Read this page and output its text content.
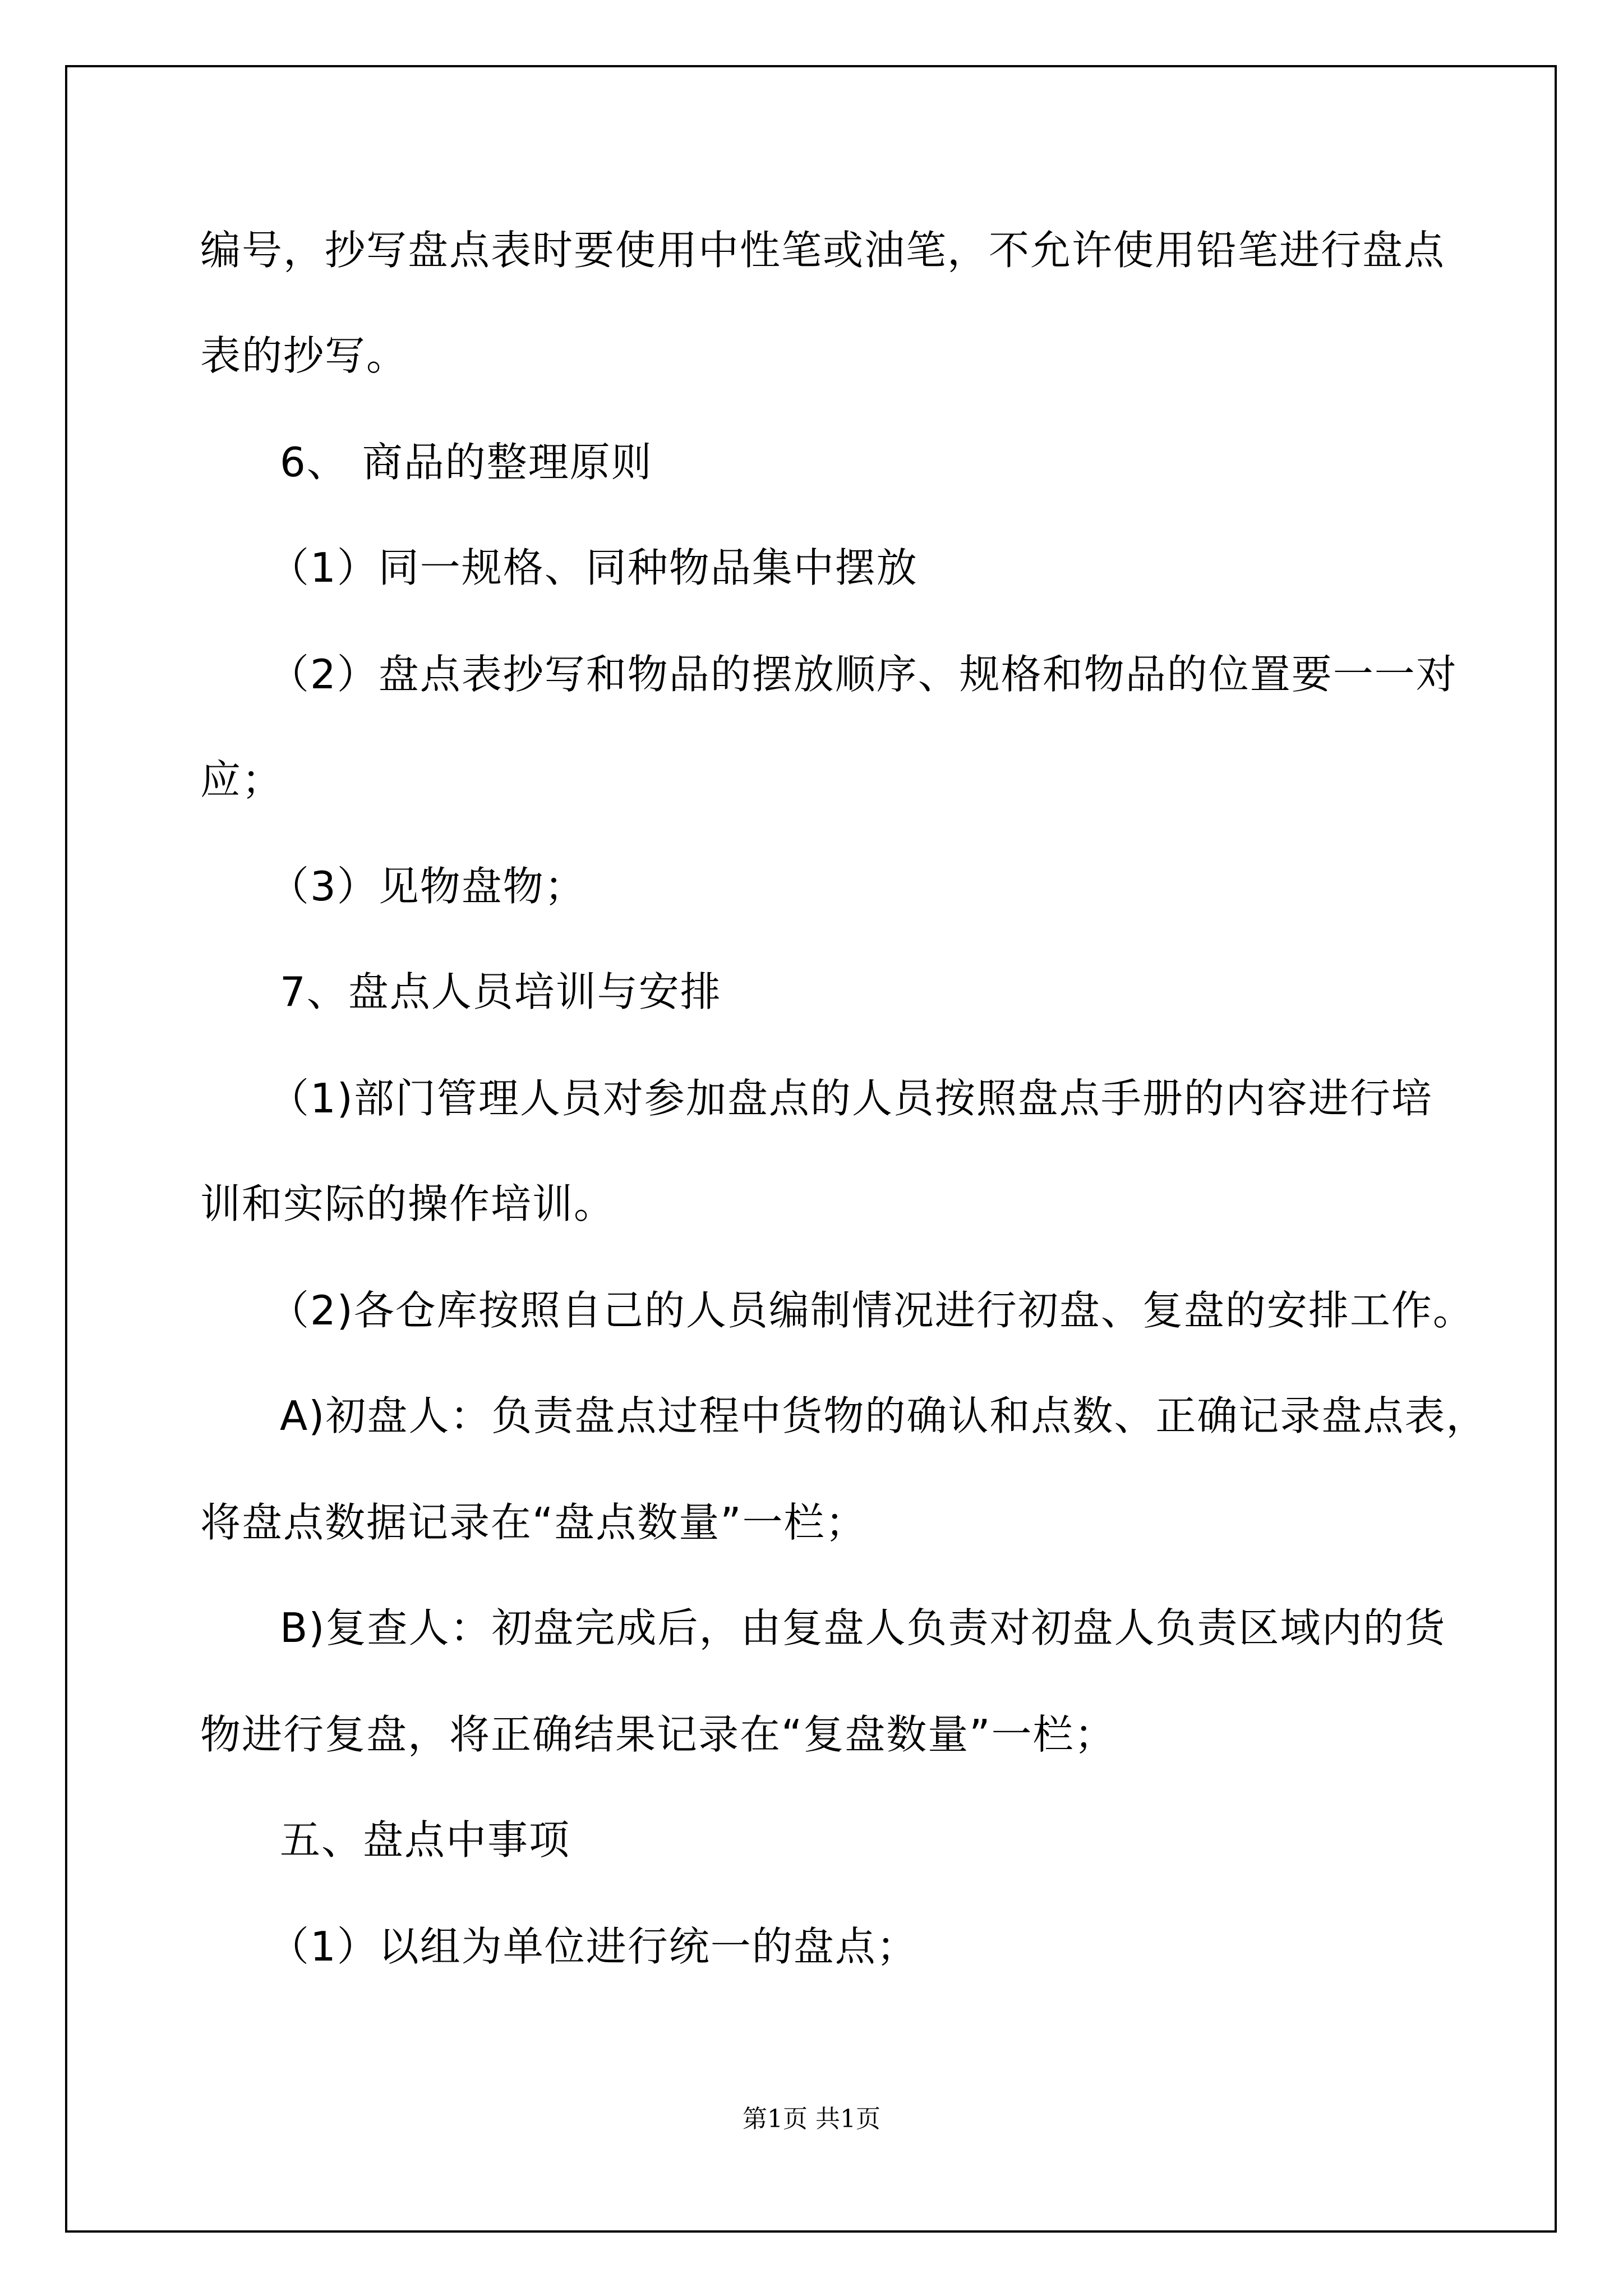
编号，抄写盘点表时要使用中性笔或油笔，不允许使用铅笔进行盘点
表的抄写。
6、 商品的整理原则
（1）同一规格、同种物品集中摆放
（2）盘点表抄写和物品的摆放顺序、规格和物品的位置要一一对
应；
（3）见物盘物；
7、盘点人员培训与安排
（1)部门管理人员对参加盘点的人员按照盘点手册的内容进行培
训和实际的操作培训。
（2)各仓库按照自己的人员编制情况进行初盘、复盘的安排工作。
A)初盘人：负责盘点过程中货物的确认和点数、正确记录盘点表，
将盘点数据记录在“盘点数量”一栏；
B)复查人：初盘完成后，由复盘人负责对初盘人负责区域内的货
物进行复盘，将正确结果记录在“复盘数量”一栏；
五、盘点中事项
（1）以组为单位进行统一的盘点；
第1页 共1页
